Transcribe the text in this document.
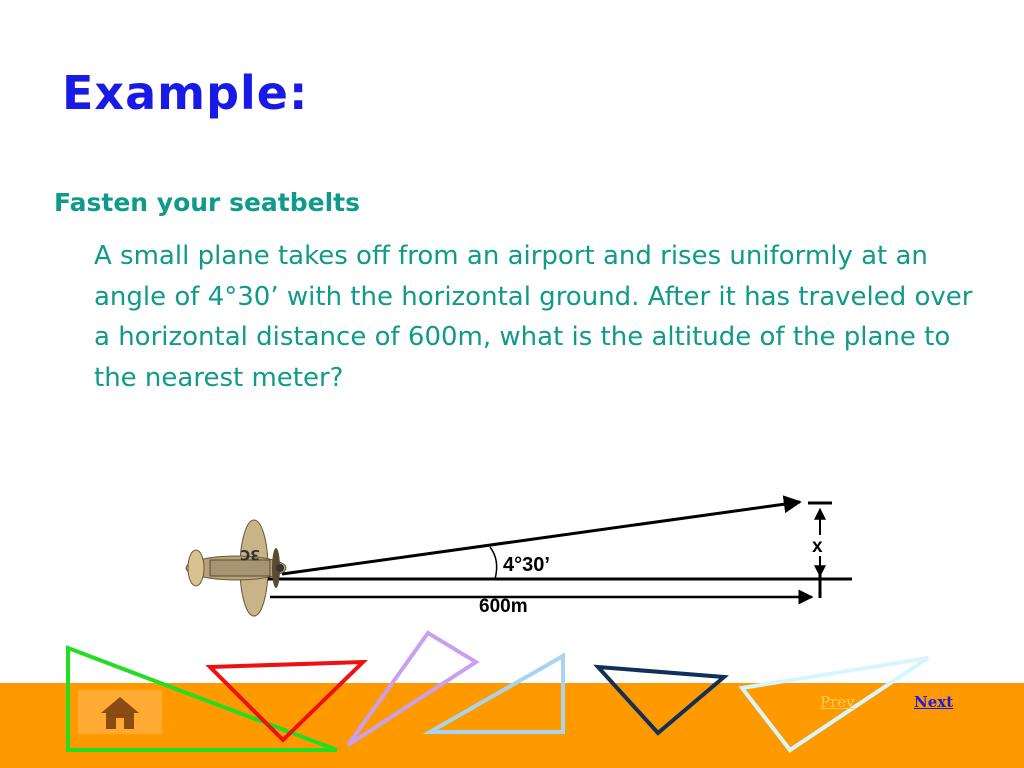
Example:
Fasten your seatbelts
A small plane takes off from an airport and rises uniformly at an angle of 4°30’ with the horizontal ground. After it has traveled over a horizontal distance of 600m, what is the altitude of the plane to the nearest meter?
x
4°30’
600m
3C
Prev	Next
